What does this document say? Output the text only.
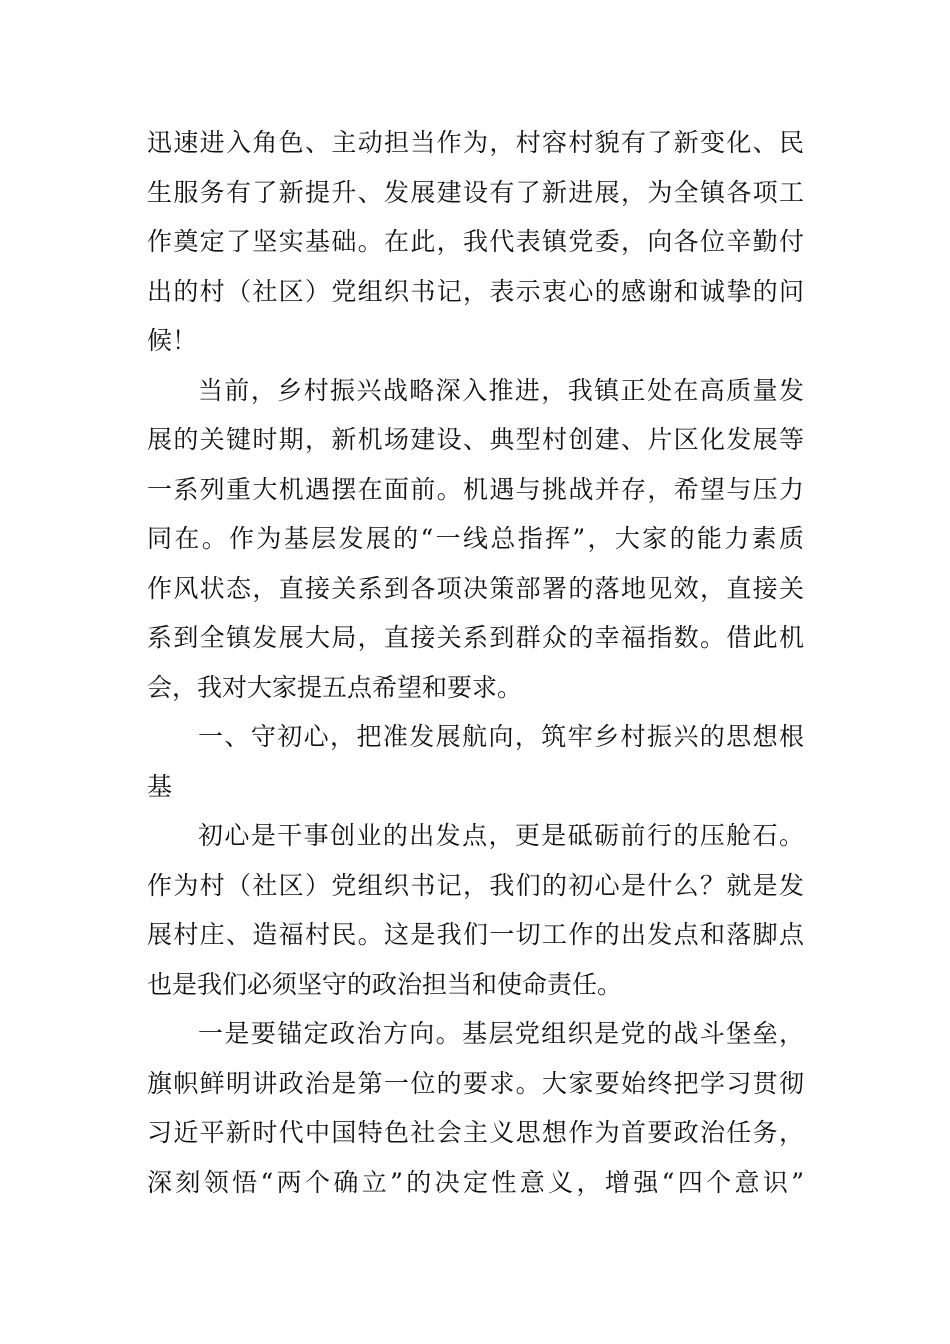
迅速进入角色、主动担当作为，村容村貌有了新变化、民
生服务有了新提升、发展建设有了新进展，为全镇各项工
作奠定了坚实基础。在此，我代表镇党委，向各位辛勤付
出的村（社区）党组织书记，表示衷心的感谢和诚挚的问
候！
当前，乡村振兴战略深入推进，我镇正处在高质量发
展的关键时期，新机场建设、典型村创建、片区化发展等
一系列重大机遇摆在面前。机遇与挑战并存，希望与压力
同在。作为基层发展的“一线总指挥”，大家的能力素质
作风状态，直接关系到各项决策部署的落地见效，直接关
系到全镇发展大局，直接关系到群众的幸福指数。借此机
会，我对大家提五点希望和要求。
一、守初心，把准发展航向，筑牢乡村振兴的思想根
基
初心是干事创业的出发点，更是砥砺前行的压舱石。
作为村（社区）党组织书记，我们的初心是什么？就是发
展村庄、造福村民。这是我们一切工作的出发点和落脚点
也是我们必须坚守的政治担当和使命责任。
一是要锚定政治方向。基层党组织是党的战斗堡垒，
旗帜鲜明讲政治是第一位的要求。大家要始终把学习贯彻
习近平新时代中国特色社会主义思想作为首要政治任务，
深刻领悟“两个确立”的决定性意义，增强“四个意识”
